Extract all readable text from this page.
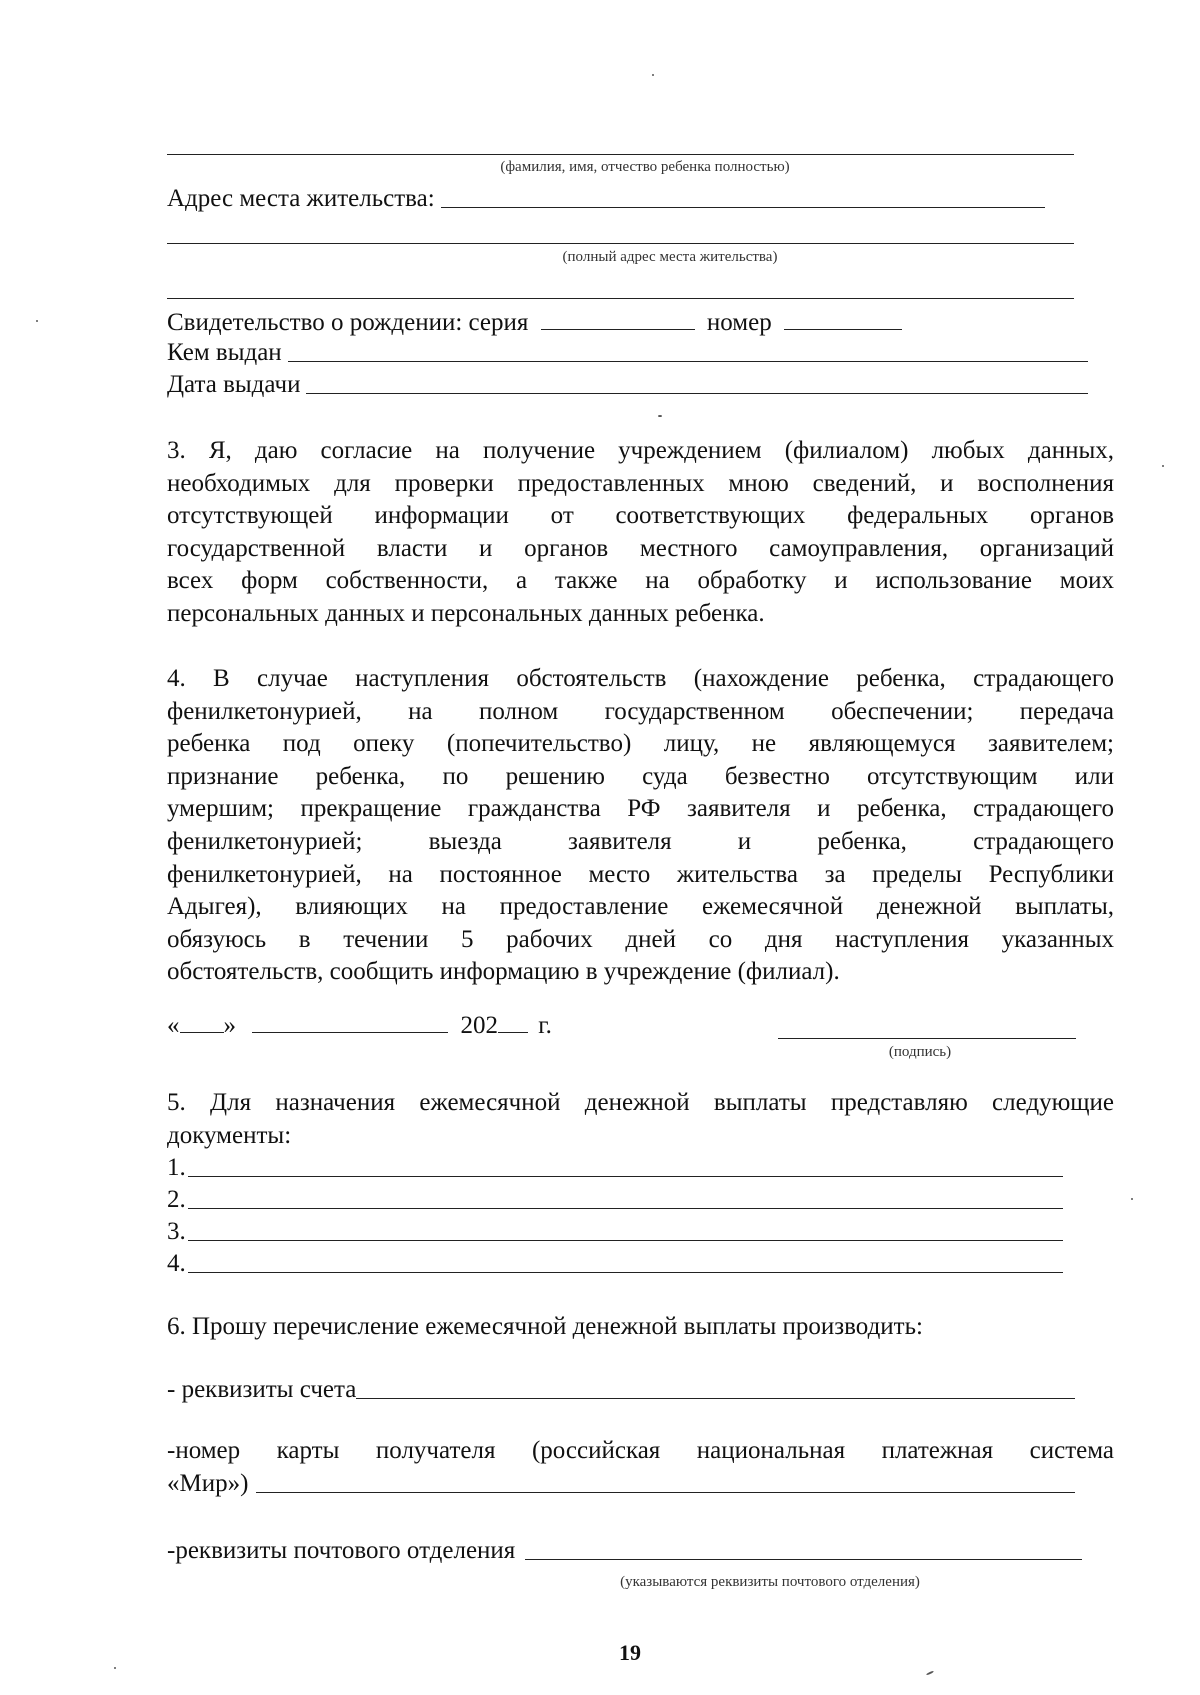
(фамилия, имя, отчество ребенка полностью)
Адрес места жительства:
(полный адрес места жительства)
Свидетельство о рождении: серия	номер
Кем выдан
Дата выдачи
3. Я, даю согласие на получение учреждением (филиалом) любых данных,
необходимых для проверки предоставленных мною сведений, и восполнения
отсутствующей информации от соответствующих федеральных органов
государственной власти и органов местного самоуправления, организаций
всех форм собственности, а также на обработку и использование моих
персональных данных и персональных данных ребенка.
4. В случае наступления обстоятельств (нахождение ребенка, страдающего
фенилкетонурией, на полном государственном обеспечении; передача
ребенка под опеку (попечительство) лицу, не являющемуся заявителем;
признание ребенка, по решению суда безвестно отсутствующим или
умершим; прекращение гражданства РФ заявителя и ребенка, страдающего
фенилкетонурией; выезда заявителя и ребенка, страдающего
фенилкетонурией, на постоянное место жительства за пределы Республики
Адыгея), влияющих на предоставление ежемесячной денежной выплаты,
обязуюсь в течении 5 рабочих дней со дня наступления указанных
обстоятельств, сообщить информацию в учреждение (филиал).
« »	202 г.
(подпись)
5. Для назначения ежемесячной денежной выплаты представляю следующие
документы:
1.
2.
3.
4.
6. Прошу перечисление ежемесячной денежной выплаты производить:
- реквизиты счета
-номер карты получателя (российская национальная платежная система
«Мир»)
-реквизиты почтового отделения
(указываются реквизиты почтового отделения)
19
